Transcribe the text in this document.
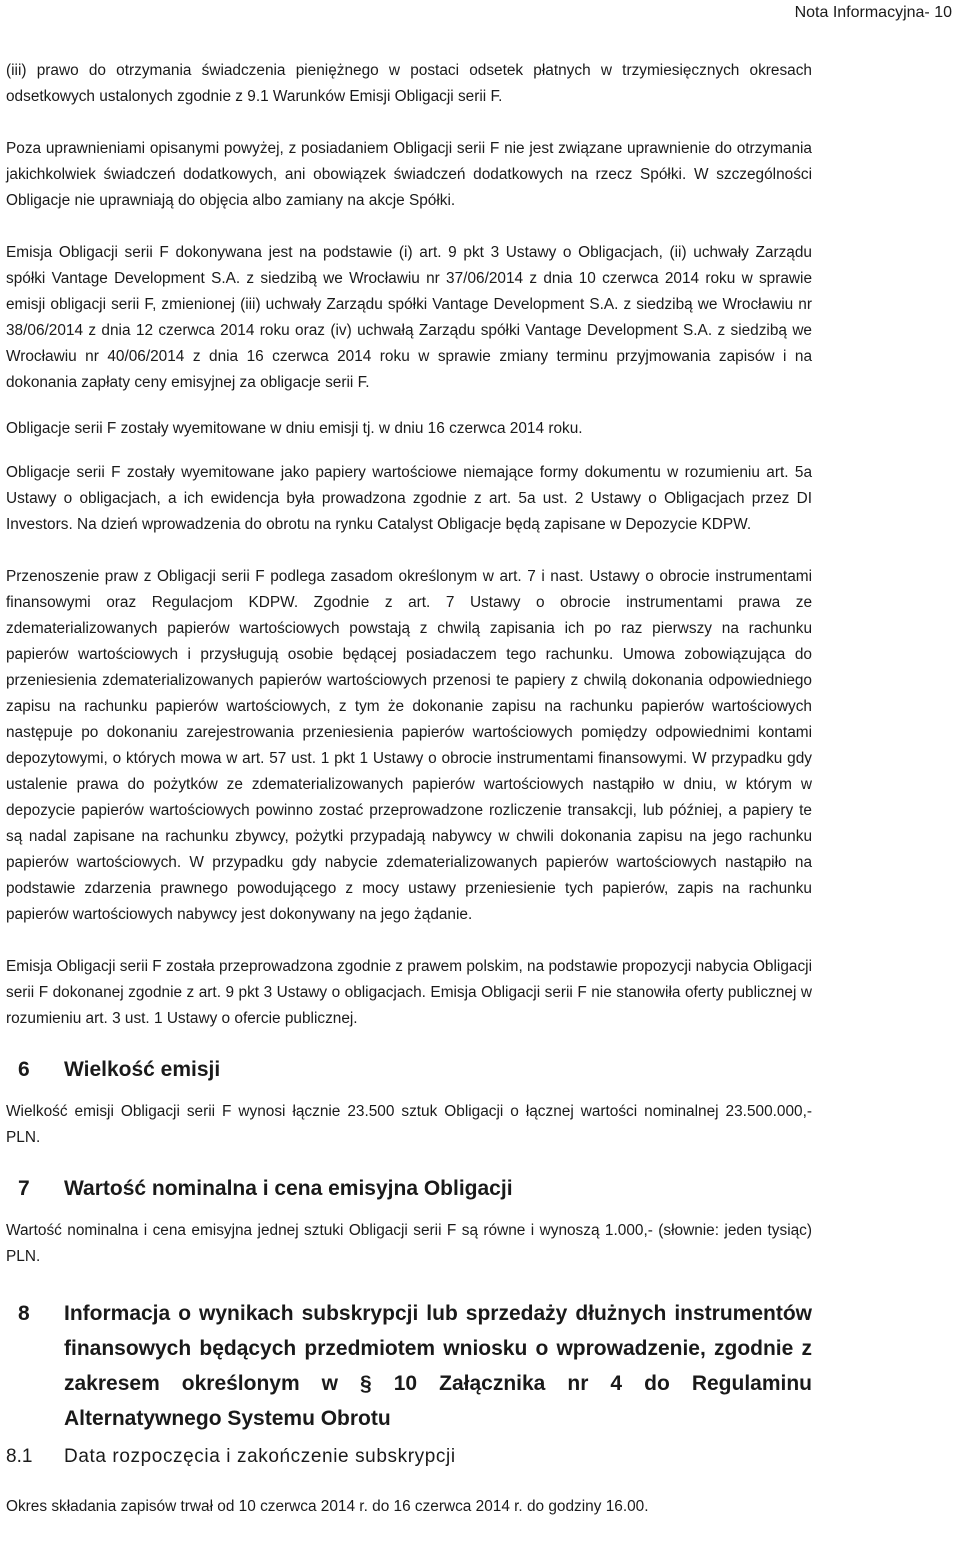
Nota Informacyjna- 10

(iii) prawo do otrzymania świadczenia pieniężnego w postaci odsetek płatnych w trzymiesięcznych okresach odsetkowych ustalonych zgodnie z 9.1 Warunków Emisji Obligacji serii F.

Poza uprawnieniami opisanymi powyżej, z posiadaniem Obligacji serii F nie jest związane uprawnienie do otrzymania jakichkolwiek świadczeń dodatkowych, ani obowiązek świadczeń dodatkowych na rzecz Spółki. W szczególności Obligacje nie uprawniają do objęcia albo zamiany na akcje Spółki.

Emisja Obligacji serii F dokonywana jest na podstawie (i) art. 9 pkt 3 Ustawy o Obligacjach, (ii) uchwały Zarządu spółki Vantage Development S.A. z siedzibą we Wrocławiu nr 37/06/2014 z dnia 10 czerwca 2014 roku w sprawie emisji obligacji serii F, zmienionej (iii) uchwały Zarządu spółki Vantage Development S.A. z siedzibą we Wrocławiu nr 38/06/2014 z dnia 12 czerwca 2014 roku oraz (iv) uchwałą Zarządu spółki Vantage Development S.A. z siedzibą we Wrocławiu nr 40/06/2014 z dnia 16 czerwca 2014 roku w sprawie zmiany terminu przyjmowania zapisów i na dokonania zapłaty ceny emisyjnej za obligacje serii F.

Obligacje serii F zostały wyemitowane w dniu emisji tj. w dniu 16 czerwca 2014 roku.

Obligacje serii F zostały wyemitowane jako papiery wartościowe niemające formy dokumentu w rozumieniu art. 5a Ustawy o obligacjach, a ich ewidencja była prowadzona zgodnie z art. 5a ust. 2 Ustawy o Obligacjach przez DI Investors. Na dzień wprowadzenia do obrotu na rynku Catalyst Obligacje będą zapisane w Depozycie KDPW.

Przenoszenie praw z Obligacji serii F podlega zasadom określonym w art. 7 i nast. Ustawy o obrocie instrumentami finansowymi oraz Regulacjom KDPW. Zgodnie z art. 7 Ustawy o obrocie instrumentami prawa ze zdematerializowanych papierów wartościowych powstają z chwilą zapisania ich po raz pierwszy na rachunku papierów wartościowych i przysługują osobie będącej posiadaczem tego rachunku. Umowa zobowiązująca do przeniesienia zdematerializowanych papierów wartościowych przenosi te papiery z chwilą dokonania odpowiedniego zapisu na rachunku papierów wartościowych, z tym że dokonanie zapisu na rachunku papierów wartościowych następuje po dokonaniu zarejestrowania przeniesienia papierów wartościowych pomiędzy odpowiednimi kontami depozytowymi, o których mowa w art. 57 ust. 1 pkt 1 Ustawy o obrocie instrumentami finansowymi. W przypadku gdy ustalenie prawa do pożytków ze zdematerializowanych papierów wartościowych nastąpiło w dniu, w którym w depozycie papierów wartościowych powinno zostać przeprowadzone rozliczenie transakcji, lub później, a papiery te są nadal zapisane na rachunku zbywcy, pożytki przypadają nabywcy w chwili dokonania zapisu na jego rachunku papierów wartościowych. W przypadku gdy nabycie zdematerializowanych papierów wartościowych nastąpiło na podstawie zdarzenia prawnego powodującego z mocy ustawy przeniesienie tych papierów, zapis na rachunku papierów wartościowych nabywcy jest dokonywany na jego żądanie.

Emisja Obligacji serii F została przeprowadzona zgodnie z prawem polskim, na podstawie propozycji nabycia Obligacji serii F dokonanej zgodnie z art. 9 pkt 3 Ustawy o obligacjach. Emisja Obligacji serii F nie stanowiła oferty publicznej w rozumieniu art. 3 ust. 1 Ustawy o ofercie publicznej.

6	Wielkość emisji

Wielkość emisji Obligacji serii F wynosi łącznie 23.500 sztuk Obligacji o łącznej wartości nominalnej 23.500.000,- PLN.

7	Wartość nominalna i cena emisyjna Obligacji

Wartość nominalna i cena emisyjna jednej sztuki Obligacji serii F są równe i wynoszą 1.000,- (słownie: jeden tysiąc) PLN.

8	Informacja o wynikach subskrypcji lub sprzedaży dłużnych instrumentów finansowych będących przedmiotem wniosku o wprowadzenie, zgodnie z zakresem określonym w § 10 Załącznika nr 4 do Regulaminu Alternatywnego Systemu Obrotu
8.1	Data rozpoczęcia i zakończenie subskrypcji

Okres składania zapisów trwał od 10 czerwca 2014 r. do 16 czerwca 2014 r. do godziny 16.00.
